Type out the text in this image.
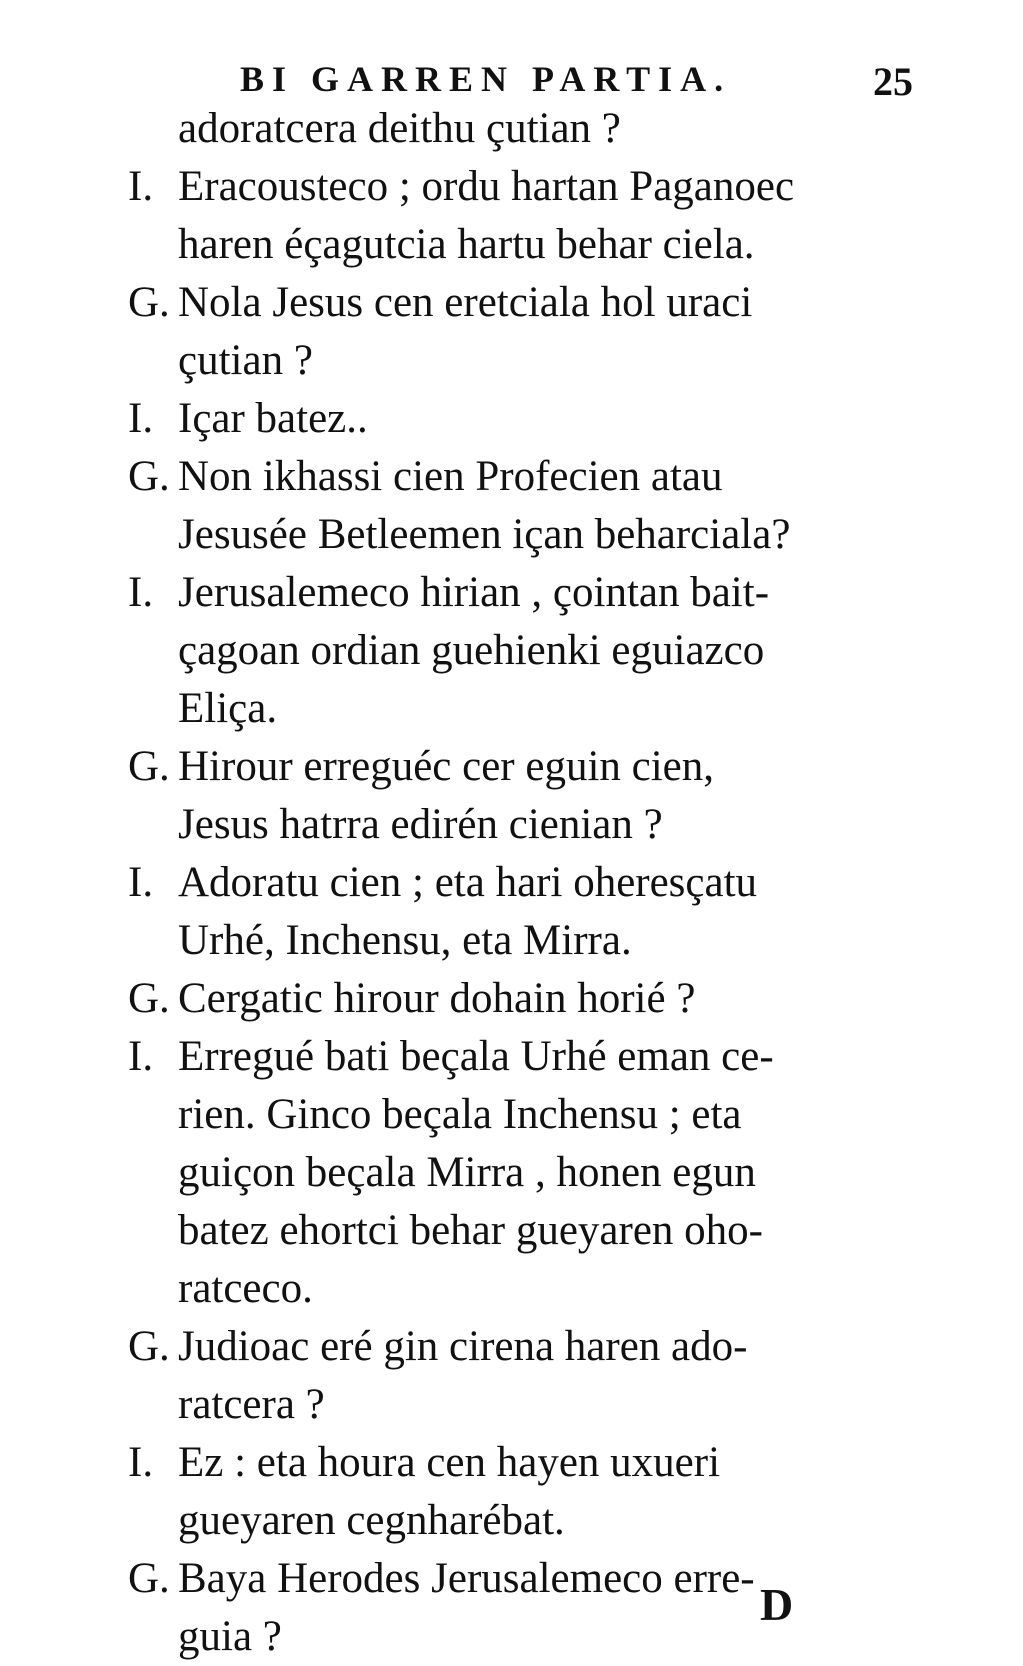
BI GARREN PARTIA.	25
adoratcera deithu çutian ?
I. Eracousteco ; ordu hartan Paganoec
haren éçagutcia hartu behar ciela.
G. Nola Jesus cen eretciala hol uraci
çutian ?
I. Içar batez..
G. Non ikhassi cien Profecien atau
Jesusée Betleemen içan beharciala?
I. Jerusalemeco hirian , çointan bait-
çagoan ordian guehienki eguiazco
Eliça.
G. Hirour erreguéc cer eguin cien,
Jesus hatrra edirén cienian ?
I. Adoratu cien ; eta hari oheresçatu
Urhé, Inchensu, eta Mirra.
G. Cergatic hirour dohain horié ?
I. Erregué bati beçala Urhé eman ce-
rien. Ginco beçala Inchensu ; eta
guiçon beçala Mirra , honen egun
batez ehortci behar gueyaren oho-
ratceco.
G. Judioac eré gin cirena haren ado-
ratcera ?
I. Ez : eta houra cen hayen uxueri
gueyaren cegnharébat.
G. Baya Herodes Jerusalemeco erre-
guia ?
D
